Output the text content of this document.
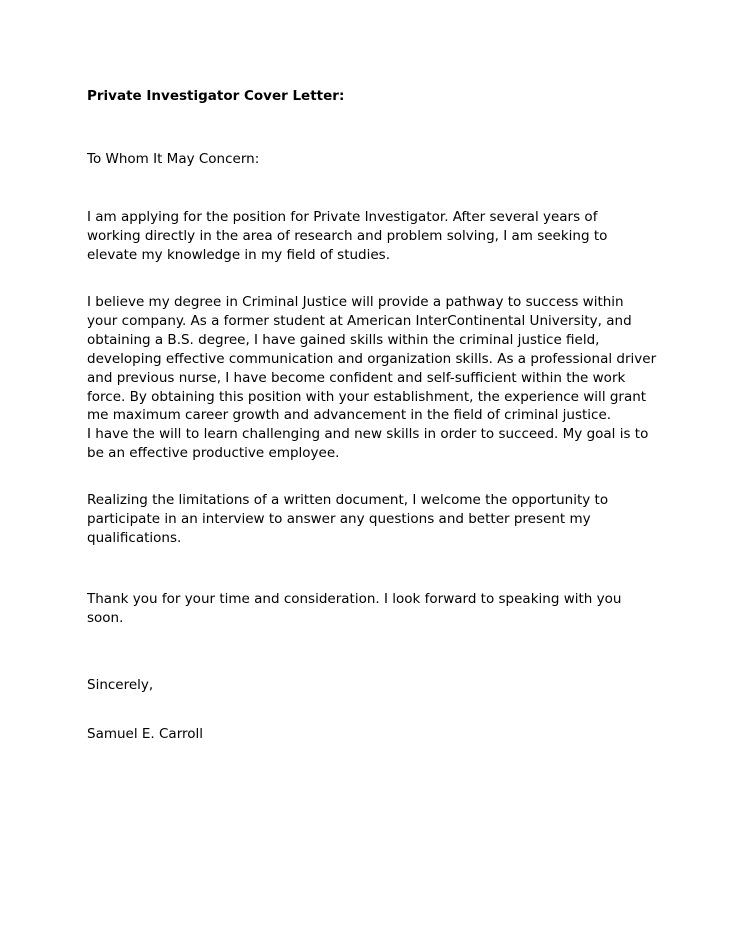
Private Investigator Cover Letter:
To Whom It May Concern:
I am applying for the position for Private Investigator. After several years of
working directly in the area of research and problem solving, I am seeking to
elevate my knowledge in my field of studies.
I believe my degree in Criminal Justice will provide a pathway to success within
your company. As a former student at American InterContinental University, and
obtaining a B.S. degree, I have gained skills within the criminal justice field,
developing effective communication and organization skills. As a professional driver
and previous nurse, I have become confident and self-sufficient within the work
force. By obtaining this position with your establishment, the experience will grant
me maximum career growth and advancement in the field of criminal justice.
I have the will to learn challenging and new skills in order to succeed. My goal is to
be an effective productive employee.
Realizing the limitations of a written document, I welcome the opportunity to
participate in an interview to answer any questions and better present my
qualifications.
Thank you for your time and consideration. I look forward to speaking with you
soon.
Sincerely,
Samuel E. Carroll
